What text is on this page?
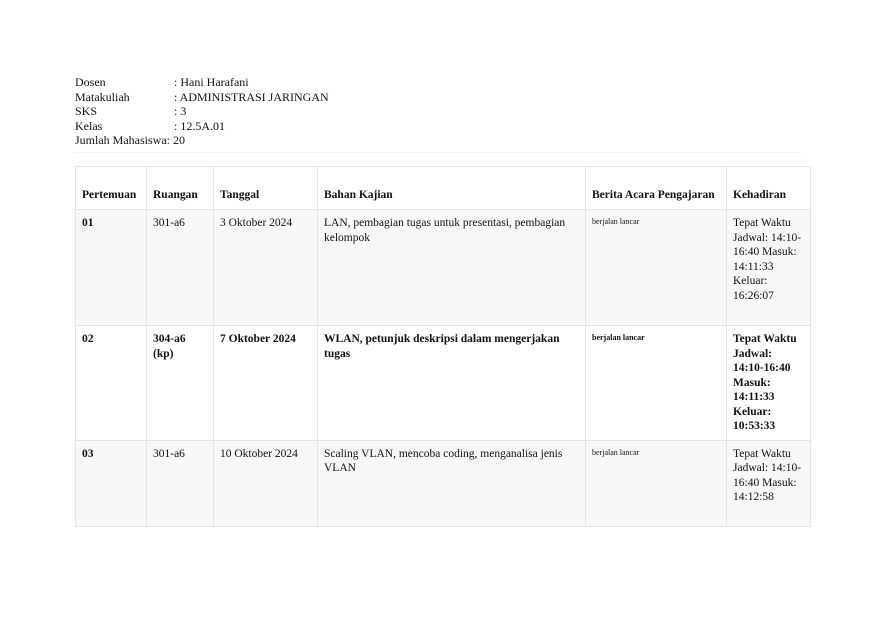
Dosen	: Hani Harafani
Matakuliah	: ADMINISTRASI JARINGAN
SKS	: 3
Kelas	: 12.5A.01
Jumlah Mahasiswa : 20
Pertemuan	Ruangan	Tanggal	Bahan Kajian	Berita Acara Pengajaran	Kehadiran
01	301-a6	3 Oktober 2024	LAN, pembagian tugas untuk presentasi, pembagian kelompok	berjalan lancar	Tepat Waktu Jadwal: 14:10-16:40 Masuk: 14:11:33 Keluar: 16:26:07
02	304-a6 (kp)	7 Oktober 2024	WLAN, petunjuk deskripsi dalam mengerjakan tugas	berjalan lancar	Tepat Waktu Jadwal: 14:10-16:40 Masuk: 14:11:33 Keluar: 10:53:33
03	301-a6	10 Oktober 2024	Scaling VLAN, mencoba coding, menganalisa jenis VLAN	berjalan lancar	Tepat Waktu Jadwal: 14:10-16:40 Masuk: 14:12:58
